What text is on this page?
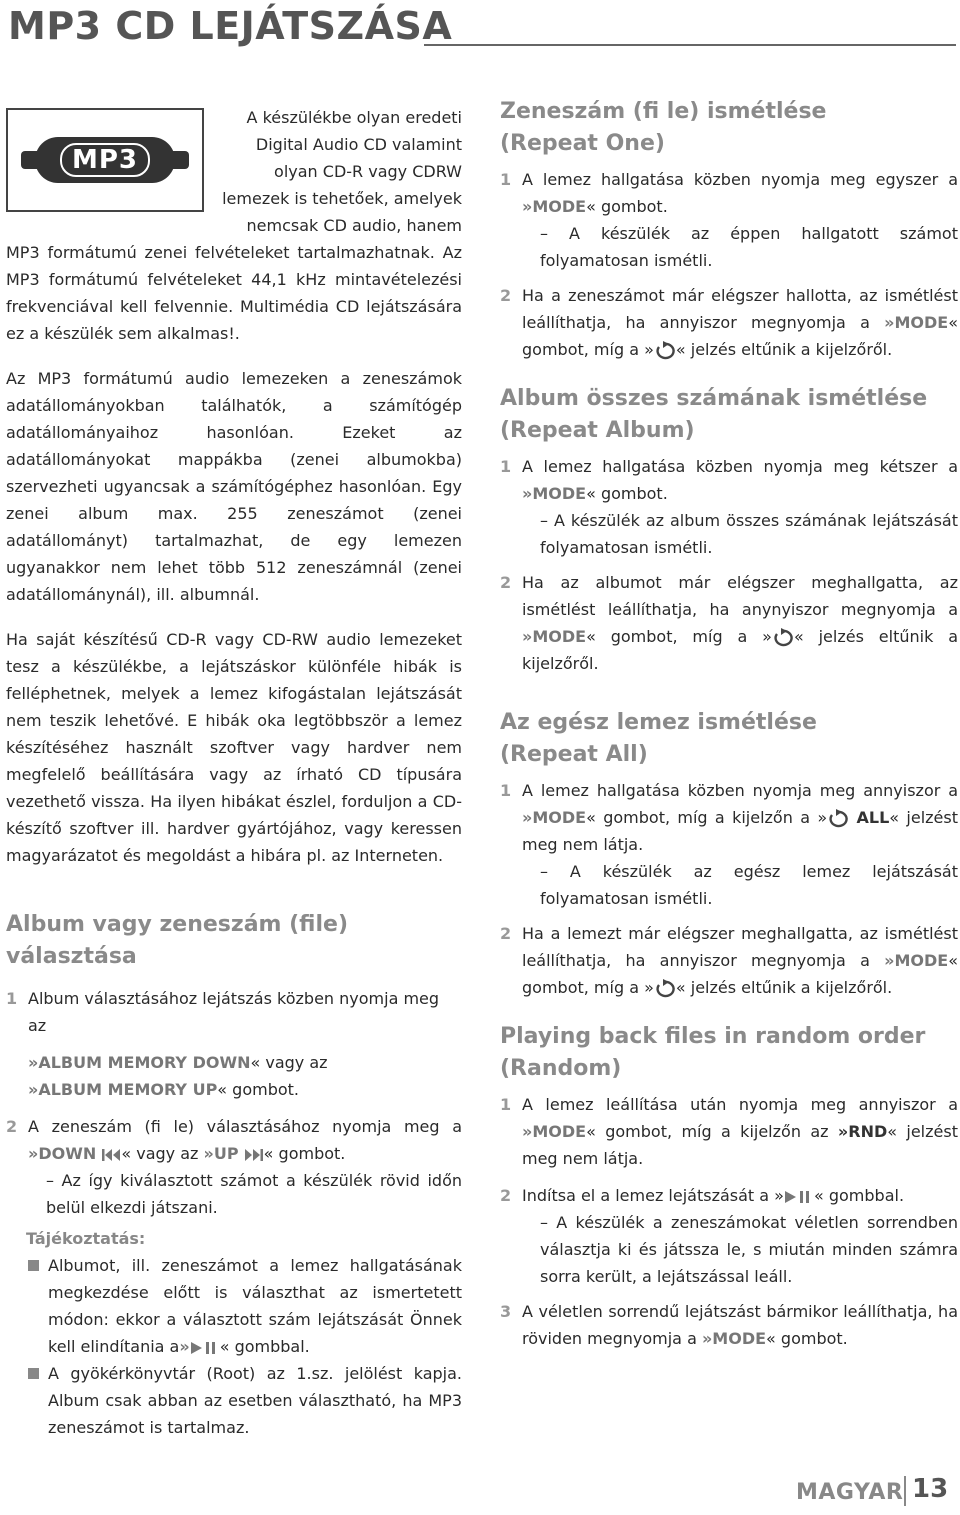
MP3 CD LEJÁTSZÁSA
MP3

A készülékbe olyan eredeti Digital Audio CD valamint olyan CD-R vagy CDRW lemezek is tehetőek, amelyek nemcsak CD audio, hanem

MP3 formátumú zenei felvételeket tartalmazhatnak. Az MP3 formátumú felvételeket 44,1 kHz mintavételezési frekvenciával kell felvennie. Multimédia CD lejátszására ez a készülék sem alkalmas!.

Az MP3 formátumú audio lemezeken a zeneszámok adatállományokban találhatók, a számítógép adatállományaihoz hasonlóan. Ezeket az adatállományokat mappákba (zenei albumokba) szervezheti ugyancsak a számítógéphez hasonlóan. Egy zenei album max. 255 zeneszámot (zenei adatállományt) tartalmazhat, de egy lemezen ugyanakkor nem lehet több 512 zeneszámnál (zenei adatállománynál), ill. albumnál.

Ha saját készítésű CD-R vagy CD-RW audio lemezeket tesz a készülékbe, a lejátszáskor különféle hibák is felléphetnek, melyek a lemez kifogástalan lejátszását nem teszik lehetővé. E hibák oka legtöbbször a lemez készítéséhez használt szoftver vagy hardver nem megfelelő beállítására vagy az írható CD típusára vezethető vissza. Ha ilyen hibákat észlel, forduljon a CD-készítő szoftver ill. hardver gyártójához, vagy keressen magyarázatot és megoldást a hibára pl. az Interneten.

Album vagy zeneszám (file)

választása

1 Album választásához lejátszás közben nyomja meg az

»ALBUM MEMORY DOWN« vagy az
»ALBUM MEMORY UP« gombot.

2 A zeneszám (fi le) választásához nyomja meg a »DOWN « vagy az »UP « gombot.

– Az így kiválasztott számot a készülék rövid időn belül elkezdi játszani.

Tájékoztatás:

Albumot, ill. zeneszámot a lemez hallgatásának megkezdése előtt is választhat az ismertetett módon: ekkor a választott szám lejátszását Önnek kell elindítania a» « gombbal.

A gyökérkönyvtár (Root) az 1.sz. jelölést kapja. Album csak abban az esetben választható, ha MP3 zeneszámot is tartalmaz.

Zeneszám (fi le) ismétlése

(Repeat One)

1 A lemez hallgatása közben nyomja meg egyszer a »MODE« gombot.

– A készülék az éppen hallgatott számot folyamatosan ismétli.

2 Ha a zeneszámot már elégszer hallotta, az ismétlést leállíthatja, ha annyiszor megnyomja a »MODE« gombot, míg a » « jelzés eltűnik a kijelzőről.

Album összes számának ismétlése

(Repeat Album)

1 A lemez hallgatása közben nyomja meg kétszer a »MODE« gombot.

– A készülék az album összes számának lejátszását folyamatosan ismétli.

2 Ha az albumot már elégszer meghallgatta, az ismétlést leállíthatja, ha anynyiszor megnyomja a »MODE« gombot, míg a » « jelzés eltűnik a kijelzőről.

Az egész lemez ismétlése

(Repeat All)

1 A lemez hallgatása közben nyomja meg annyiszor a »MODE« gombot, míg a kijelzőn a » ALL« jelzést meg nem látja.

– A készülék az egész lemez lejátszását folyamatosan ismétli.

2 Ha a lemezt már elégszer meghallgatta, az ismétlést leállíthatja, ha annyiszor megnyomja a »MODE« gombot, míg a » « jelzés eltűnik a kijelzőről.

Playing back files in random order

(Random)

1 A lemez leállítása után nyomja meg annyiszor a »MODE« gombot, míg a kijelzőn az »RND« jelzést meg nem látja.

2 Indítsa el a lemez lejátszását a » « gombbal.

– A készülék a zeneszámokat véletlen sorrendben választja ki és játssza le, s miután minden számra sorra került, a lejátszással leáll.

3 A véletlen sorrendű lejátszást bármikor leállíthatja, ha röviden megnyomja a »MODE« gombot.

MAGYAR 13
